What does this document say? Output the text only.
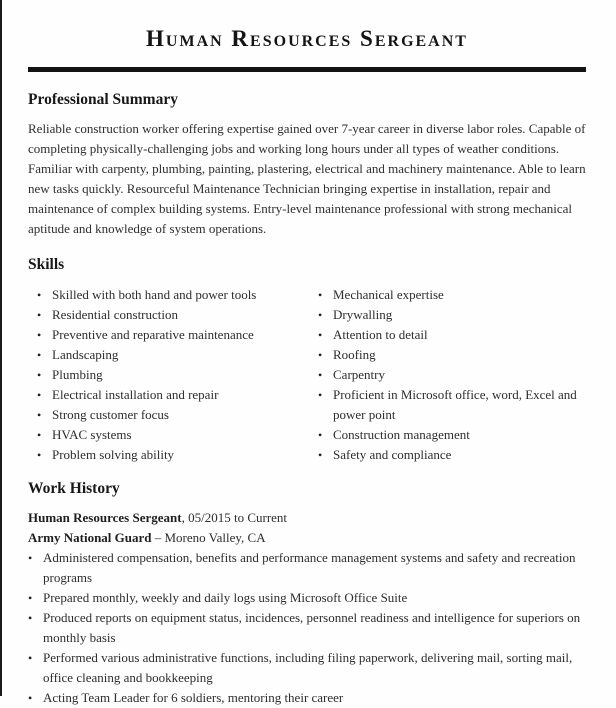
Human Resources Sergeant
Professional Summary

Reliable construction worker offering expertise gained over 7-year career in diverse labor roles. Capable of completing physically-challenging jobs and working long hours under all types of weather conditions. Familiar with carpenty, plumbing, painting, plastering, electrical and machinery maintenance. Able to learn new tasks quickly. Resourceful Maintenance Technician bringing expertise in installation, repair and maintenance of complex building systems. Entry-level maintenance professional with strong mechanical aptitude and knowledge of system operations.

Skills
• Skilled with both hand and power tools
• Residential construction
• Preventive and reparative maintenance
• Landscaping
• Plumbing
• Electrical installation and repair
• Strong customer focus
• HVAC systems
• Problem solving ability
• Mechanical expertise
• Drywalling
• Attention to detail
• Roofing
• Carpentry
• Proficient in Microsoft office, word, Excel and power point
• Construction management
• Safety and compliance
Work History
Human Resources Sergeant, 05/2015 to Current
Army National Guard – Moreno Valley, CA
• Administered compensation, benefits and performance management systems and safety and recreation programs
• Prepared monthly, weekly and daily logs using Microsoft Office Suite
• Produced reports on equipment status, incidences, personnel readiness and intelligence for superiors on monthly basis
• Performed various administrative functions, including filing paperwork, delivering mail, sorting mail, office cleaning and bookkeeping
• Acting Team Leader for 6 soldiers, mentoring their career
